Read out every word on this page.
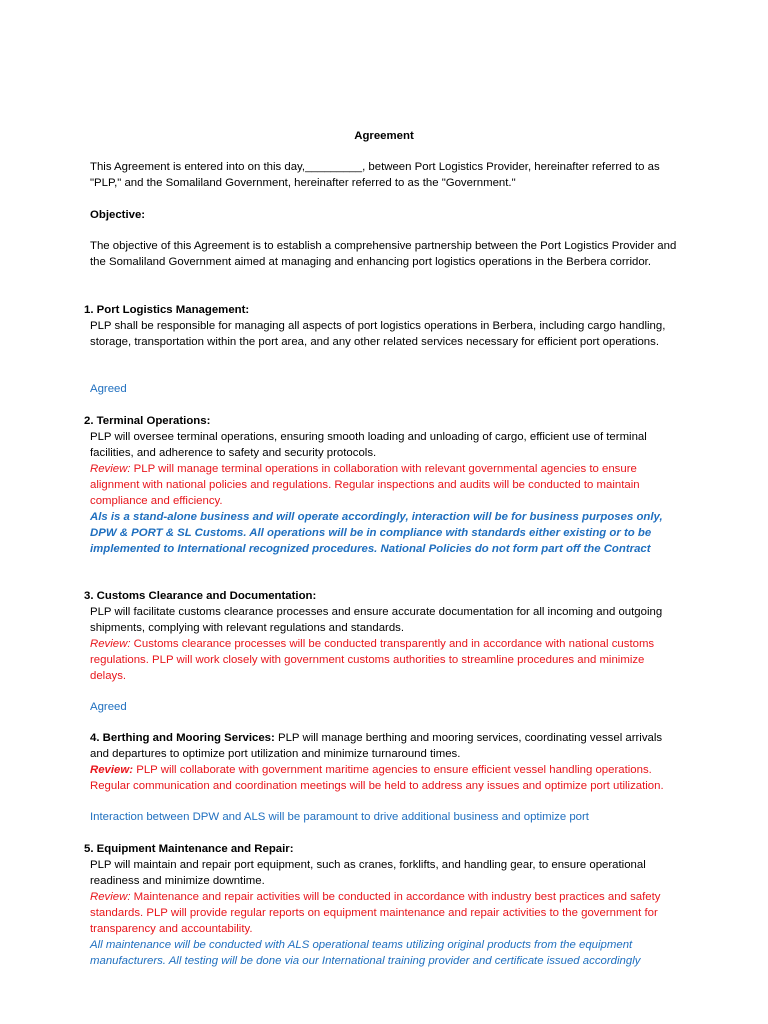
Agreement
This Agreement is entered into on this day,_________, between Port Logistics Provider, hereinafter referred to as "PLP," and the Somaliland Government, hereinafter referred to as the "Government."
Objective:
The objective of this Agreement is to establish a comprehensive partnership between the Port Logistics Provider and the Somaliland Government aimed at managing and enhancing port logistics operations in the Berbera corridor.
1. Port Logistics Management:
PLP shall be responsible for managing all aspects of port logistics operations in Berbera, including cargo handling, storage, transportation within the port area, and any other related services necessary for efficient port operations.
Agreed
2. Terminal Operations:
PLP will oversee terminal operations, ensuring smooth loading and unloading of cargo, efficient use of terminal facilities, and adherence to safety and security protocols.
Review: PLP will manage terminal operations in collaboration with relevant governmental agencies to ensure alignment with national policies and regulations. Regular inspections and audits will be conducted to maintain compliance and efficiency.
Als is a stand-alone business and will operate accordingly, interaction will be for business purposes only, DPW & PORT & SL Customs. All operations will be in compliance with standards either existing or to be implemented to International recognized procedures. National Policies do not form part off the Contract
3. Customs Clearance and Documentation:
PLP will facilitate customs clearance processes and ensure accurate documentation for all incoming and outgoing shipments, complying with relevant regulations and standards.
Review: Customs clearance processes will be conducted transparently and in accordance with national customs regulations. PLP will work closely with government customs authorities to streamline procedures and minimize delays.
Agreed
4. Berthing and Mooring Services: PLP will manage berthing and mooring services, coordinating vessel arrivals and departures to optimize port utilization and minimize turnaround times.
Review: PLP will collaborate with government maritime agencies to ensure efficient vessel handling operations. Regular communication and coordination meetings will be held to address any issues and optimize port utilization.
Interaction between DPW and ALS will be paramount to drive additional business and optimize port
5. Equipment Maintenance and Repair:
PLP will maintain and repair port equipment, such as cranes, forklifts, and handling gear, to ensure operational readiness and minimize downtime.
Review: Maintenance and repair activities will be conducted in accordance with industry best practices and safety standards. PLP will provide regular reports on equipment maintenance and repair activities to the government for transparency and accountability.
All maintenance will be conducted with ALS operational teams utilizing original products from the equipment manufacturers. All testing will be done via our International training provider and certificate issued accordingly
